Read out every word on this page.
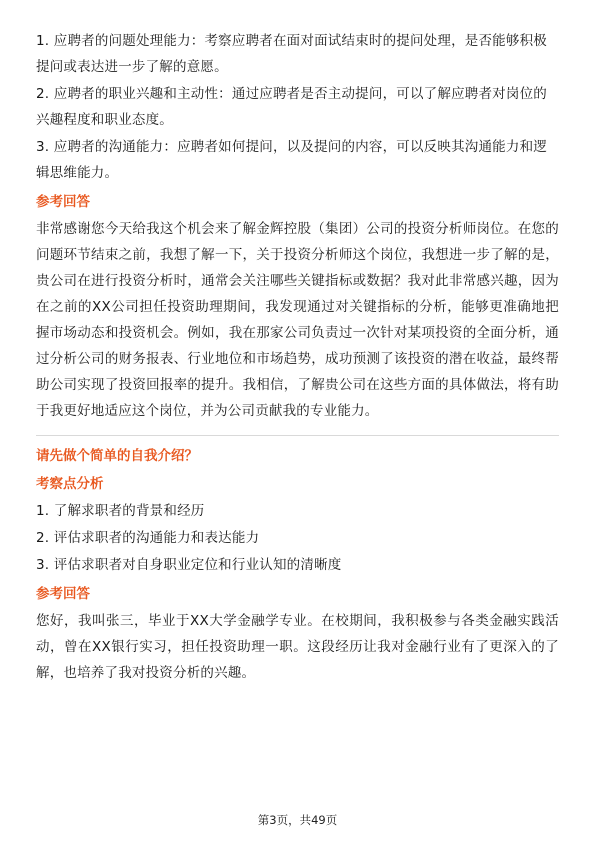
1. 应聘者的问题处理能力：考察应聘者在面对面试结束时的提问处理，是否能够积极提问或表达进一步了解的意愿。

2. 应聘者的职业兴趣和主动性：通过应聘者是否主动提问，可以了解应聘者对岗位的兴趣程度和职业态度。

3. 应聘者的沟通能力：应聘者如何提问，以及提问的内容，可以反映其沟通能力和逻辑思维能力。

参考回答

非常感谢您今天给我这个机会来了解金辉控股（集团）公司的投资分析师岗位。在您的问题环节结束之前，我想了解一下，关于投资分析师这个岗位，我想进一步了解的是，贵公司在进行投资分析时，通常会关注哪些关键指标或数据？我对此非常感兴趣，因为在之前的XX公司担任投资助理期间，我发现通过对关键指标的分析，能够更准确地把握市场动态和投资机会。例如，我在那家公司负责过一次针对某项投资的全面分析，通过分析公司的财务报表、行业地位和市场趋势，成功预测了该投资的潜在收益，最终帮助公司实现了投资回报率的提升。我相信，了解贵公司在这些方面的具体做法，将有助于我更好地适应这个岗位，并为公司贡献我的专业能力。

请先做个简单的自我介绍？
考察点分析

1. 了解求职者的背景和经历

2. 评估求职者的沟通能力和表达能力

3. 评估求职者对自身职业定位和行业认知的清晰度

参考回答

您好，我叫张三，毕业于XX大学金融学专业。在校期间，我积极参与各类金融实践活动，曾在XX银行实习，担任投资助理一职。这段经历让我对金融行业有了更深入的了解，也培养了我对投资分析的兴趣。

第3页，共49页
